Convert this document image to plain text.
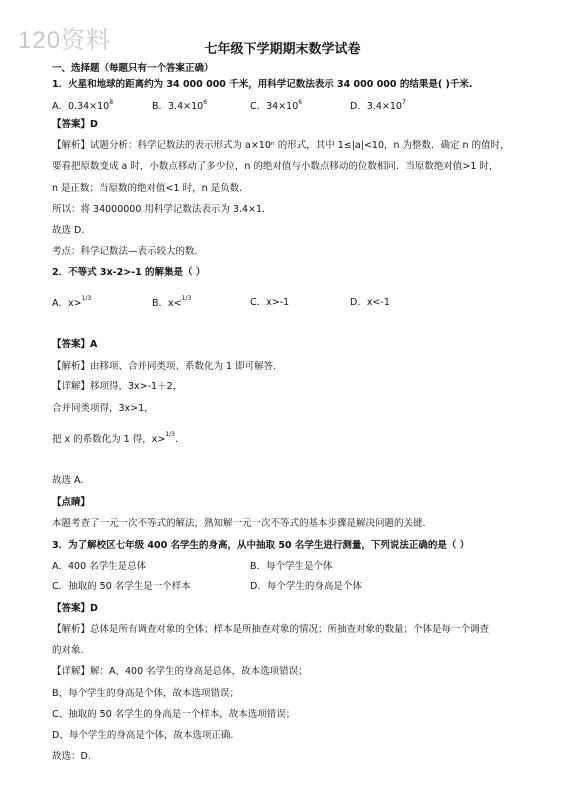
120资料	七年级下学期期末数学试卷
一、选择题（每题只有一个答案正确）
1．火星和地球的距离约为 34 000 000 千米，用科学记数法表示 34 000 000 的结果是( )千米.
A．$0.34\times 10^8$	B．$3.4\times 10^6$	C．$34\times 10^6$	D．$3.4\times 10^7$
【答案】D
【解析】试题分析：科学记数法的表示形式为 a×10ⁿ 的形式，其中 1≤|a|<10，n 为整数．确定 n 的值时，
要看把原数变成 a 时，小数点移动了多少位，n 的绝对值与小数点移动的位数相同．当原数绝对值>1 时，
n 是正数；当原数的绝对值<1 时，n 是负数.
所以：将 34000000 用科学记数法表示为 3.4×1.
故选 D.
考点：科学记数法—表示较大的数.
2．不等式 3x-2>-1 的解集是（ ）
A．x>1/3	B．x<1/3	C．x>-1	D．x<-1
【答案】A
【解析】由移项、合并同类项、系数化为 1 即可解答.
【详解】移项得，3x>-1＋2，
合并同类项得，3x>1，
把 x 的系数化为 1 得，x>1/3.
故选 A.
【点睛】
本题考查了一元一次不等式的解法，熟知解一元一次不等式的基本步骤是解决问题的关键.
3．为了解校区七年级 400 名学生的身高，从中抽取 50 名学生进行测量，下列说法正确的是（ ）
A．400 名学生是总体	B．每个学生是个体
C．抽取的 50 名学生是一个样本	D．每个学生的身高是个体
【答案】D
【解析】总体是所有调查对象的全体；样本是所抽查对象的情况；所抽查对象的数量；个体是每一个调查
的对象.
【详解】解：A、400 名学生的身高是总体，故本选项错误；
B、每个学生的身高是个体，故本选项错误；
C、抽取的 50 名学生的身高是一个样本，故本选项错误；
D、每个学生的身高是个体，故本选项正确.
故选：D.
